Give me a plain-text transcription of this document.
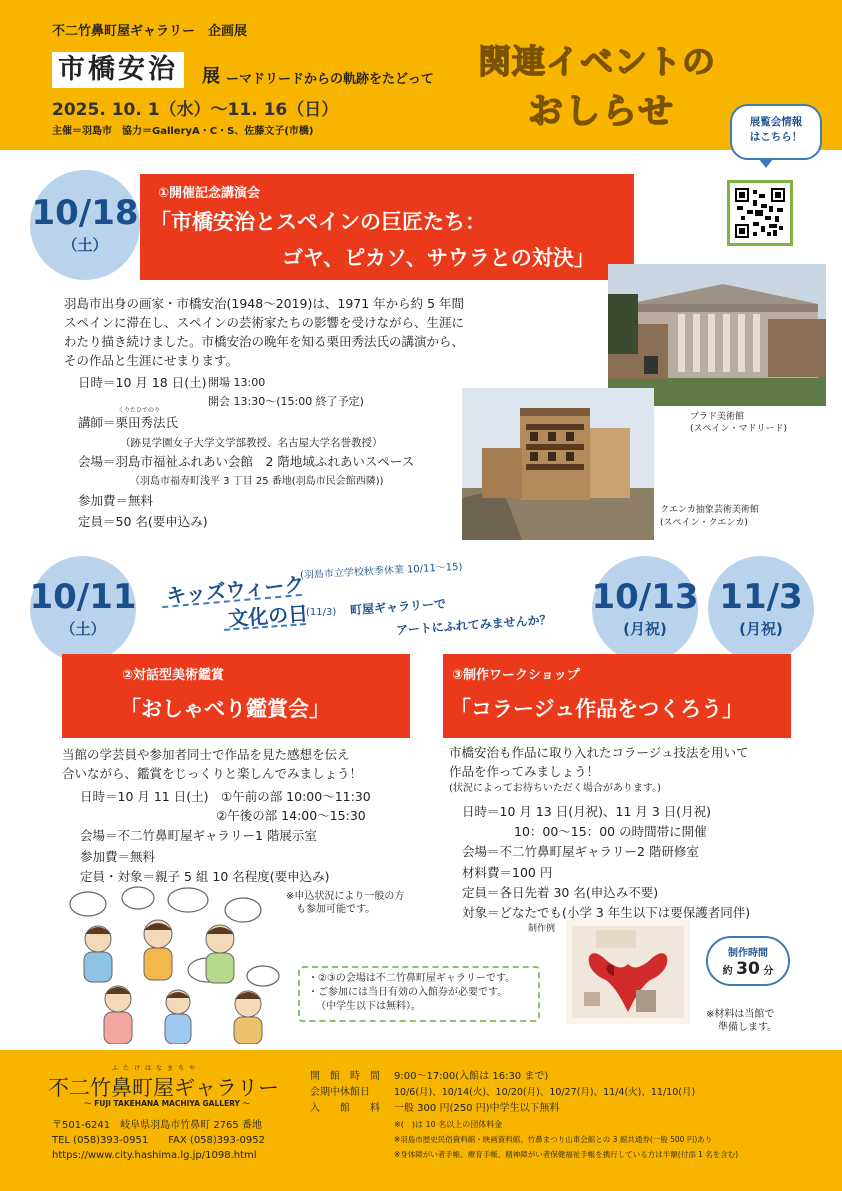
不二竹鼻町屋ギャラリー　企画展
市橋安治	展 ーマドリードからの軌跡をたどって
2025. 10. 1（水）〜11. 16（日）
主催＝羽島市　協力＝GalleryA・C・S、佐藤文子(市橋)
関連イベントの
おしらせ	展覧会情報
はこちら！
10/18
（土）
①開催記念講演会
「市橋安治とスペインの巨匠たち：
ゴヤ、ピカソ、サウラとの対決」
羽島市出身の画家・市橋安治(1948〜2019)は、1971 年から約 5 年間
スペインに滞在し、スペインの芸術家たちの影響を受けながら、生涯に
わたり描き続けました。市橋安治の晩年を知る栗田秀法氏の講演から、
その作品と生涯にせまります。
日時＝10 月 18 日(土) 開場 13:00
開会 13:30〜(15:00 終了予定)
くりたひでのり
講師＝栗田秀法氏
（跡見学園女子大学文学部教授、名古屋大学名誉教授）
会場＝羽島市福祉ふれあい会館　2 階地域ふれあいスペース
（羽島市福寿町浅平 3 丁目 25 番地(羽島市民会館西隣))
参加費＝無料
定員＝50 名(要申込み)
プラド美術館
(スペイン・マドリード)
クエンカ抽象芸術美術館
(スペイン・クエンカ)
10/11
（土）
キッズウィーク
(羽島市立学校秋季休業 10/11〜15)
文化の日
(11/3) 町屋ギャラリーで
アートにふれてみませんか？
10/13
(月祝)
11/3
(月祝)
②対話型美術鑑賞
「おしゃべり鑑賞会」
当館の学芸員や参加者同士で作品を見た感想を伝え
合いながら、鑑賞をじっくりと楽しんでみましょう！
日時＝10 月 11 日(土)　①午前の部 10:00〜11:30
②午後の部 14:00〜15:30
会場＝不二竹鼻町屋ギャラリー1 階展示室
参加費＝無料
定員・対象＝親子 5 組 10 名程度(要申込み)
※申込状況により一般の方
も参加可能です。
③制作ワークショップ
「コラージュ作品をつくろう」
市橋安治も作品に取り入れたコラージュ技法を用いて
作品を作ってみましょう！
(状況によってお待ちいただく場合があります。)
日時＝10 月 13 日(月祝)、11 月 3 日(月祝)
10：00〜15：00 の時間帯に開催
会場＝不二竹鼻町屋ギャラリー2 階研修室
材料費＝100 円
定員＝各日先着 30 名(申込み不要)
対象＝どなたでも(小学 3 年生以下は要保護者同伴)
制作例
制作時間
約 30 分
※材料は当館で
準備します。
・②③の会場は不二竹鼻町屋ギャラリーです。
・ご参加には当日有効の入館券が必要です。
（中学生以下は無料）。
ふたけはなまちや
不二竹鼻町屋ギャラリー
〜 FUJI TAKEHANA MACHIYA GALLERY 〜
〒501-6241　岐阜県羽島市竹鼻町 2765 番地
TEL (058)393-0951　　FAX (058)393-0952
https://www.city.hashima.lg.jp/1098.html
開　館　時　間 9:00〜17:00(入館は 16:30 まで)
会期中休館日	10/6(月)、10/14(火)、10/20(月)、10/27(月)、11/4(火)、11/10(月)
入　　館　　料 一般 300 円(250 円)中学生以下無料
※(　)は 10 名以上の団体料金
※羽島市歴史民俗資料館・映画資料館、竹鼻まつり山車会館との 3 館共通券(一般 500 円)あり
※身体障がい者手帳、療育手帳、精神障がい者保健福祉手帳を携行している方は半額(付添 1 名を含む)
